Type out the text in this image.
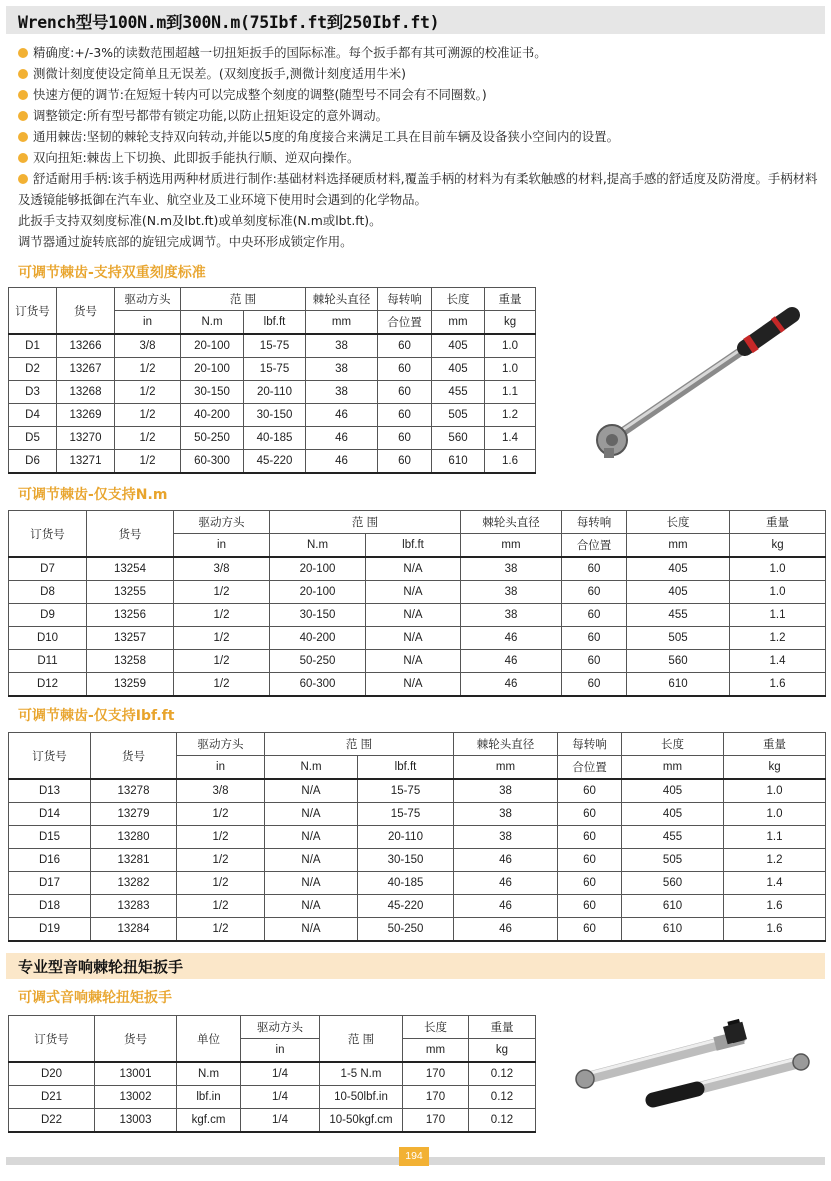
Wrench型号100N.m到300N.m(75Ibf.ft到250Ibf.ft)
精确度:+/-3%的读数范围超越一切扭矩扳手的国际标准。每个扳手都有其可溯源的校准证书。
测微计刻度使设定简单且无误差。(双刻度扳手,测微计刻度适用牛米)
快速方便的调节:在短短十转内可以完成整个刻度的调整(随型号不同会有不同圈数。)
调整锁定:所有型号都带有锁定功能,以防止扭矩设定的意外调动。
通用棘齿:坚韧的棘轮支持双向转动,并能以5度的角度接合来满足工具在目前车辆及设备狭小空间内的设置。
双向扭矩:棘齿上下切换、此即扳手能执行顺、逆双向操作。
舒适耐用手柄:该手柄选用两种材质进行制作:基础材料选择硬质材料,覆盖手柄的材料为有柔软触感的材料,提高手感的舒适度及防滑度。手柄材料及透镜能够抵御在汽车业、航空业及工业环境下使用时会遇到的化学物品。
此扳手支持双刻度标准(N.m及lbt.ft)或单刻度标准(N.m或lbt.ft)。
调节器通过旋转底部的旋钮完成调节。中央环形成锁定作用。
可调节棘齿-支持双重刻度标准
订货号	货号	驱动方头	范 围		棘轮头直径	每转响	长度	重量
		in	N.m	lbf.ft	mm	合位置	mm	kg
D1	13266	3/8	20-100	15-75	38	60	405	1.0
D2	13267	1/2	20-100	15-75	38	60	405	1.0
D3	13268	1/2	30-150	20-110	38	60	455	1.1
D4	13269	1/2	40-200	30-150	46	60	505	1.2
D5	13270	1/2	50-250	40-185	46	60	560	1.4
D6	13271	1/2	60-300	45-220	46	60	610	1.6
可调节棘齿-仅支持N.m
订货号	货号	驱动方头	范 围		棘轮头直径	每转响	长度	重量
		in	N.m	lbf.ft	mm	合位置	mm	kg
D7	13254	3/8	20-100	N/A	38	60	405	1.0
D8	13255	1/2	20-100	N/A	38	60	405	1.0
D9	13256	1/2	30-150	N/A	38	60	455	1.1
D10	13257	1/2	40-200	N/A	46	60	505	1.2
D11	13258	1/2	50-250	N/A	46	60	560	1.4
D12	13259	1/2	60-300	N/A	46	60	610	1.6
可调节棘齿-仅支持Ibf.ft
订货号	货号	驱动方头	范 围		棘轮头直径	每转响	长度	重量
		in	N.m	lbf.ft	mm	合位置	mm	kg
D13	13278	3/8	N/A	15-75	38	60	405	1.0
D14	13279	1/2	N/A	15-75	38	60	405	1.0
D15	13280	1/2	N/A	20-110	38	60	455	1.1
D16	13281	1/2	N/A	30-150	46	60	505	1.2
D17	13282	1/2	N/A	40-185	46	60	560	1.4
D18	13283	1/2	N/A	45-220	46	60	610	1.6
D19	13284	1/2	N/A	50-250	46	60	610	1.6
专业型音响棘轮扭矩扳手
可调式音响棘轮扭矩扳手
订货号	货号	单位	驱动方头	范 围	长度	重量
			in		mm	kg
D20	13001	N.m	1/4	1-5 N.m	170	0.12
D21	13002	lbf.in	1/4	10-50lbf.in	170	0.12
D22	13003	kgf.cm	1/4	10-50kgf.cm	170	0.12
194
